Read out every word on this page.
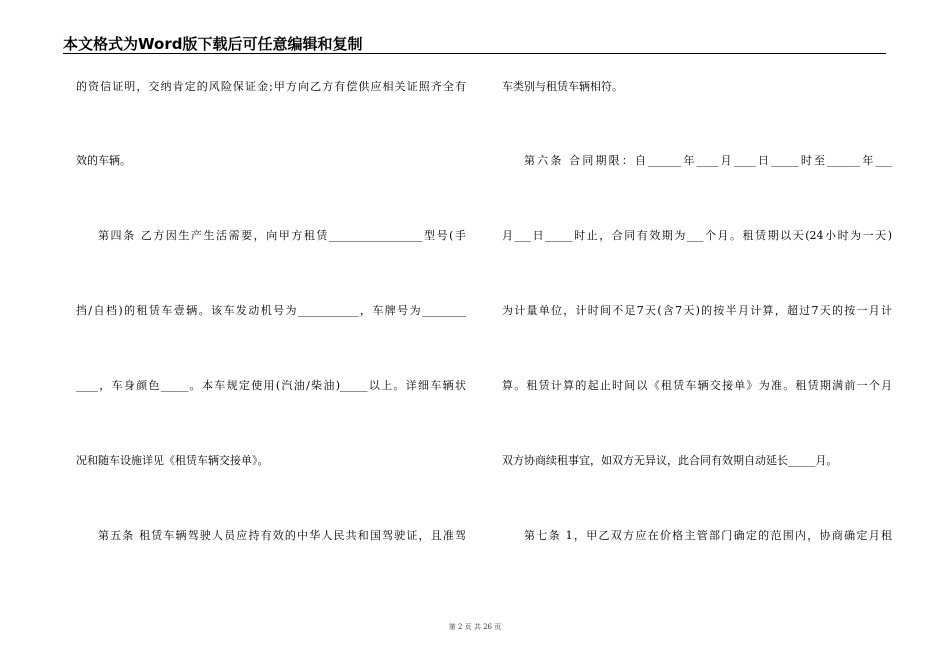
本文格式为Word版下载后可任意编辑和复制
的资信证明，交纳肯定的风险保证金;甲方向乙方有偿供应相关证照齐全有
效的车辆。
第四条 乙方因生产生活需要，向甲方租赁_________________型号(手
挡/自档)的租赁车壹辆。该车发动机号为___________，车牌号为________
____，车身颜色_____。本车规定使用(汽油/柴油)_____以上。详细车辆状
况和随车设施详见《租赁车辆交接单》。
第五条 租赁车辆驾驶人员应持有效的中华人民共和国驾驶证，且准驾
车类别与租赁车辆相符。
第六条 合同期限：自______年____月____日_____时至______年___
月___日_____时止，合同有效期为___个月。租赁期以天(24小时为一天)
为计量单位，计时间不足7天(含7天)的按半月计算，超过7天的按一月计
算。租赁计算的起止时间以《租赁车辆交接单》为准。租赁期满前一个月
双方协商续租事宜，如双方无异议，此合同有效期自动延长_____月。
第七条 1，甲乙双方应在价格主管部门确定的范围内，协商确定月租
第 2 页 共 26 页
